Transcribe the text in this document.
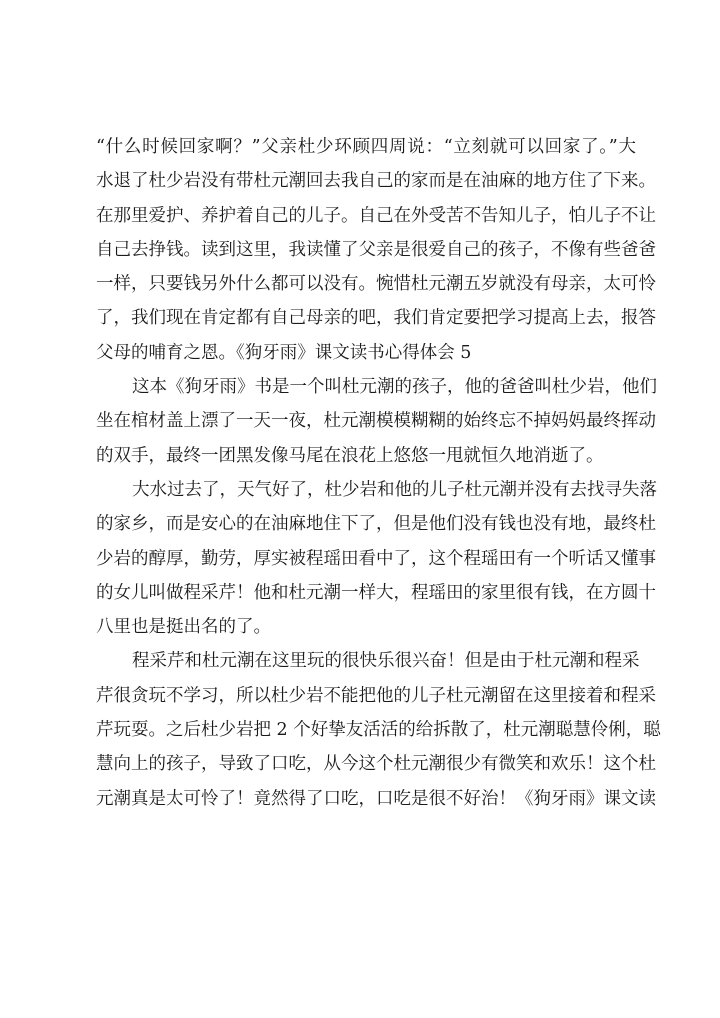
“什么时候回家啊？”父亲杜少环顾四周说：“立刻就可以回家了。”大
水退了杜少岩没有带杜元潮回去我自己的家而是在油麻的地方住了下来。
在那里爱护、养护着自己的儿子。自己在外受苦不告知儿子，怕儿子不让
自己去挣钱。读到这里，我读懂了父亲是很爱自己的孩子，不像有些爸爸
一样，只要钱另外什么都可以没有。惋惜杜元潮五岁就没有母亲，太可怜
了，我们现在肯定都有自己母亲的吧，我们肯定要把学习提高上去，报答
父母的哺育之恩。《狗牙雨》课文读书心得体会 5
这本《狗牙雨》书是一个叫杜元潮的孩子，他的爸爸叫杜少岩，他们
坐在棺材盖上漂了一天一夜，杜元潮模模糊糊的始终忘不掉妈妈最终挥动
的双手，最终一团黑发像马尾在浪花上悠悠一甩就恒久地消逝了。
大水过去了，天气好了，杜少岩和他的儿子杜元潮并没有去找寻失落
的家乡，而是安心的在油麻地住下了，但是他们没有钱也没有地，最终杜
少岩的醇厚，勤劳，厚实被程瑶田看中了，这个程瑶田有一个听话又懂事
的女儿叫做程采芹！他和杜元潮一样大，程瑶田的家里很有钱，在方圆十
八里也是挺出名的了。
程采芹和杜元潮在这里玩的很快乐很兴奋！但是由于杜元潮和程采
芹很贪玩不学习，所以杜少岩不能把他的儿子杜元潮留在这里接着和程采
芹玩耍。之后杜少岩把 2 个好挚友活活的给拆散了，杜元潮聪慧伶俐，聪
慧向上的孩子，导致了口吃，从今这个杜元潮很少有微笑和欢乐！这个杜
元潮真是太可怜了！竟然得了口吃，口吃是很不好治！《狗牙雨》课文读
